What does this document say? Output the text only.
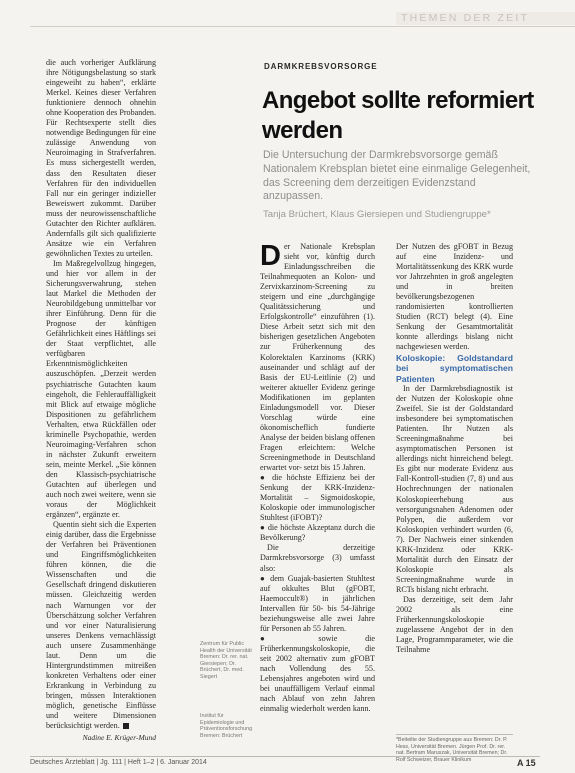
THEMEN DER ZEIT

die auch vorheriger Aufklärung ihre Nötigungsbelastung so stark eingeweiht zu haben“, erklärte Merkel. Keines dieser Verfahren funktioniere dennoch ohnehin ohne Kooperation des Probanden. Für Rechtsexperte stellt dies notwendige Bedingungen für eine zulässige Anwendung von Neuroimaging in Strafverfahren. Es muss sichergestellt werden, dass den Resultaten dieser Verfahren für den individuellen Fall nur ein geringer indizieller Beweiswert zukommt. Darüber muss der neurowissenschaftliche Gutachter den Richter aufklären. Andernfalls gilt sich qualifizierte Ansätze wie ein Verfahren gewöhnlichen Textes zu urteilen.

Im Maßregelvollzug hingegen, und hier vor allem in der Sicherungsverwahrung, stehen laut Markel die Methoden der Neurobildgebung unmittelbar vor ihrer Einführung. Denn für die Prognose der künftigen Gefährlichkeit eines Häftlings sei der Staat verpflichtet, alle verfügbaren Erkenntnismöglichkeiten auszuschöpfen. „Derzeit werden psychiatrische Gutachten kaum eingeholt, die Fehlerauffälligkeit mit Blick auf etwaige mögliche Dispositionen zu gefährlichem Verhalten, etwa Rückfällen oder kriminelle Psychopathie, werden Neuroimaging-Verfahren schon in nächster Zukunft erweitern sein, meinte Merkel. „Sie können den Klassisch-psychiatrische Gutachten auf überlegen und auch noch zwei weitere, wenn sie voraus der Möglichkeit ergänzen“, ergänzte er.

Quentin sieht sich die Experten einig darüber, dass die Ergebnisse der Verfahren bei Präventionen und Eingriffsmöglichkeiten führen können, die die Wissenschaften und die Gesellschaft dringend diskutieren müssen. Gleichzeitig werden nach Warnungen vor der Überschätzung solcher Verfahren und vor einer Naturalisierung unseres Denkens vernachlässigt auch unsere Zusammenhänge laut. Denn um die Hintergrundstimmen mitreißen konkreten Verhaltens oder einer Erkrankung in Verbindung zu bringen, müssen Interaktionen möglich, genetische Einflüsse und weitere Dimensionen berücksichtigt werden.

Nadine E. Krüger-Mund
DARMKREBSVORSORGE
Angebot sollte reformiert werden
Die Untersuchung der Darmkrebsvorsorge gemäß Nationalem Krebsplan bietet eine einmalige Gelegenheit, das Screening dem derzeitigen Evidenzstand anzupassen.
Tanja Brüchert, Klaus Giersiepen und Studiengruppe*

Der Nationale Krebsplan sieht vor, künftig durch Einladungsschreiben die Teilnahmequoten an Kolon- und Zervixkarzinom-Screening zu steigern und eine „durchgängige Qualitätssicherung und Erfolgskontrolle“ einzuführen (1). Diese Arbeit setzt sich mit den bisherigen gesetzlichen Angeboten zur Früherkennung des Kolorektalen Karzinoms (KRK) auseinander und schlägt auf der Basis der EU-Leitlinie (2) und weiterer aktueller Evidenz geringe Modifikationen im geplanten Einladungsmodell vor. Dieser Vorschlag würde eine ökonomischeflich fundierte Analyse der beiden bislang offenen Fragen erleichtern: Welche Screeningmethode in Deutschland erwartet vor- setzt bis 15 Jahren.

● die höchste Effizienz bei der Senkung der KRK-Inzidenz-Mortalität – Sigmoidoskopie, Koloskopie oder immunologischer Stuhltest (iFOBT)?

● die höchste Akzeptanz durch die Bevölkerung?

Die derzeitige Darmkrebsvorsorge (3) umfasst also:

● dem Guajak-basierten Stuhltest auf okkultes Blut (gFOBT, Haemoccult®) in jährlichen Intervallen für 50- bis 54-Jährige beziehungsweise alle zwei Jahre für Personen ab 55 Jahren.

● sowie die Früherkennungskoloskopie, die seit 2002 alternativ zum gFOBT nach Vollendung des 55. Lebensjahres angeboten wird und bei unauffälligem Verlauf einmal nach Ablauf von zehn Jahren einmalig wiederholt werden kann.

Der Nutzen des gFOBT in Bezug auf eine Inzidenz- und Mortalitätssenkung des KRK wurde vor Jahrzehnten in groß angelegten und in breiten bevölkerungsbezogenen randomisierten kontrollierten Studien (RCT) belegt (4). Eine Senkung der Gesamtmortalität konnte allerdings bislang nicht nachgewiesen werden.

Koloskopie: Goldstandard bei symptomatischen Patienten

In der Darmkrebsdiagnostik ist der Nutzen der Koloskopie ohne Zweifel. Sie ist der Goldstandard insbesondere bei symptomatischen Patienten. Ihr Nutzen als Screeningmaßnahme bei asymptomatischen Personen ist allerdings nicht hinreichend belegt. Es gibt nur moderate Evidenz aus Fall-Kontroll-studien (7, 8) und aus Hochrechnungen der nationalen Koloskopieerhebung aus versorgungsnahen Adenomen oder Polypen, die außerdem vor Koloskopien verhindert wurden (6, 7). Der Nachweis einer sinkenden KRK-Inzidenz oder KRK-Mortalität durch den Einsatz der Koloskopie als Screeningmaßnahme wurde in RCTs bislang nicht erbracht.

Das derzeitige, seit dem Jahr 2002 als eine Früherkennungskoloskopie zugelassene Angebot der in den Lage, Programmparameter, wie die Teilnahme

Zentrum für Public Health der Universität Bremen: Dr. rer. nat. Giersiepen; Dr. Brüchert, Dr. med. Siegert
Institut für Epidemiologie und Präventionsforschung Bremen: Brüchert
*Beiteilte der Studiengruppe aus Bremen: Dr. P. Hess, Universität Bremen. Jürgen Prof. Dr. rer. nat. Bertram Maruszak, Universität Bremen; Dr. Rolf Schweizer, Brauer Klinikum
Deutsches Ärzteblatt | Jg. 111 | Heft 1–2 | 6. Januar 2014	A 15
